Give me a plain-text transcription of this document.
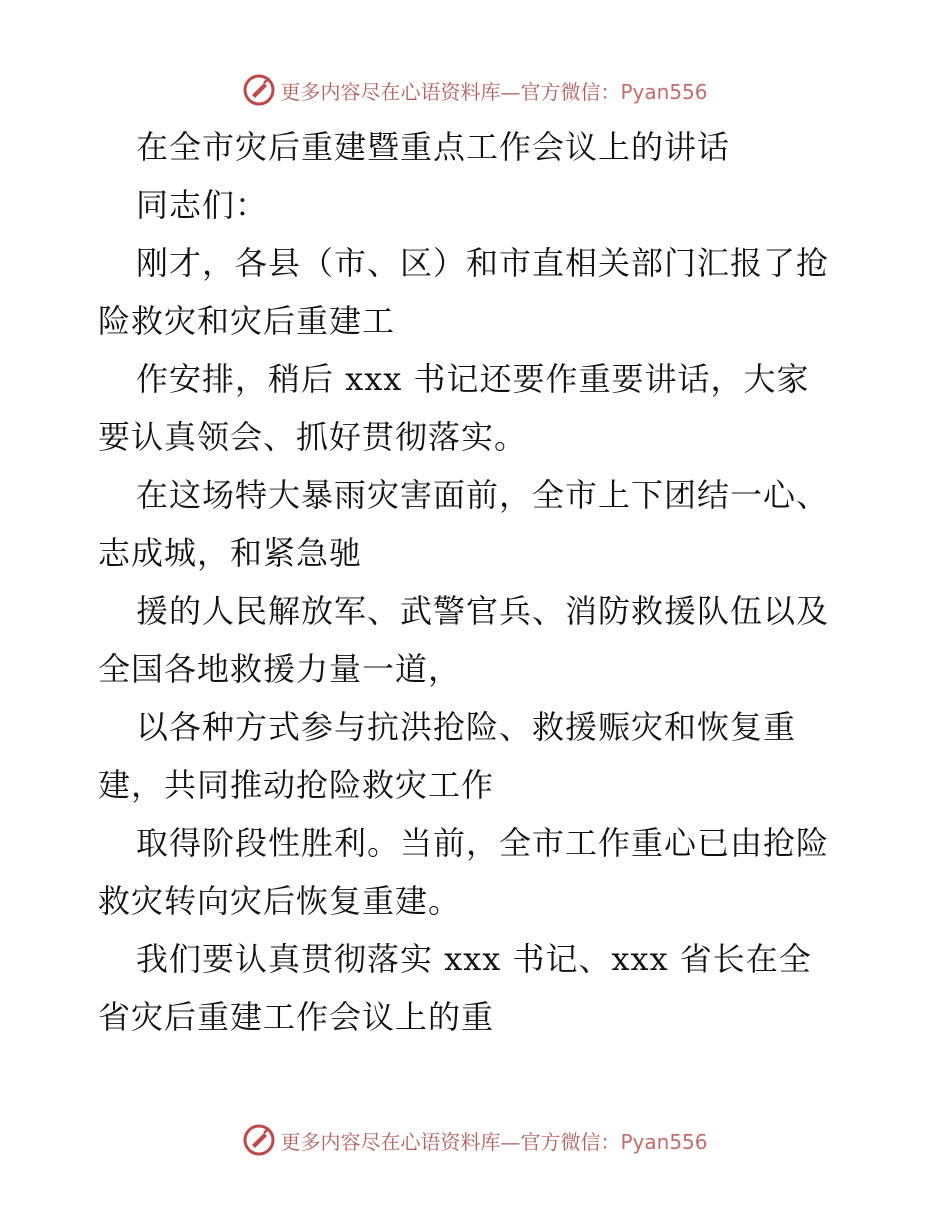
更多内容尽在心语资料库—官方微信：Pyan556
在全市灾后重建暨重点工作会议上的讲话
同志们：
刚才，各县（市、区）和市直相关部门汇报了抢
险救灾和灾后重建工
作安排，稍后 xxx 书记还要作重要讲话，大家
要认真领会、抓好贯彻落实。
在这场特大暴雨灾害面前，全市上下团结一心、
志成城，和紧急驰
援的人民解放军、武警官兵、消防救援队伍以及
全国各地救援力量一道，
以各种方式参与抗洪抢险、救援赈灾和恢复重
建，共同推动抢险救灾工作
取得阶段性胜利。当前，全市工作重心已由抢险
救灾转向灾后恢复重建。
我们要认真贯彻落实 xxx 书记、xxx 省长在全
省灾后重建工作会议上的重
更多内容尽在心语资料库—官方微信：Pyan556
